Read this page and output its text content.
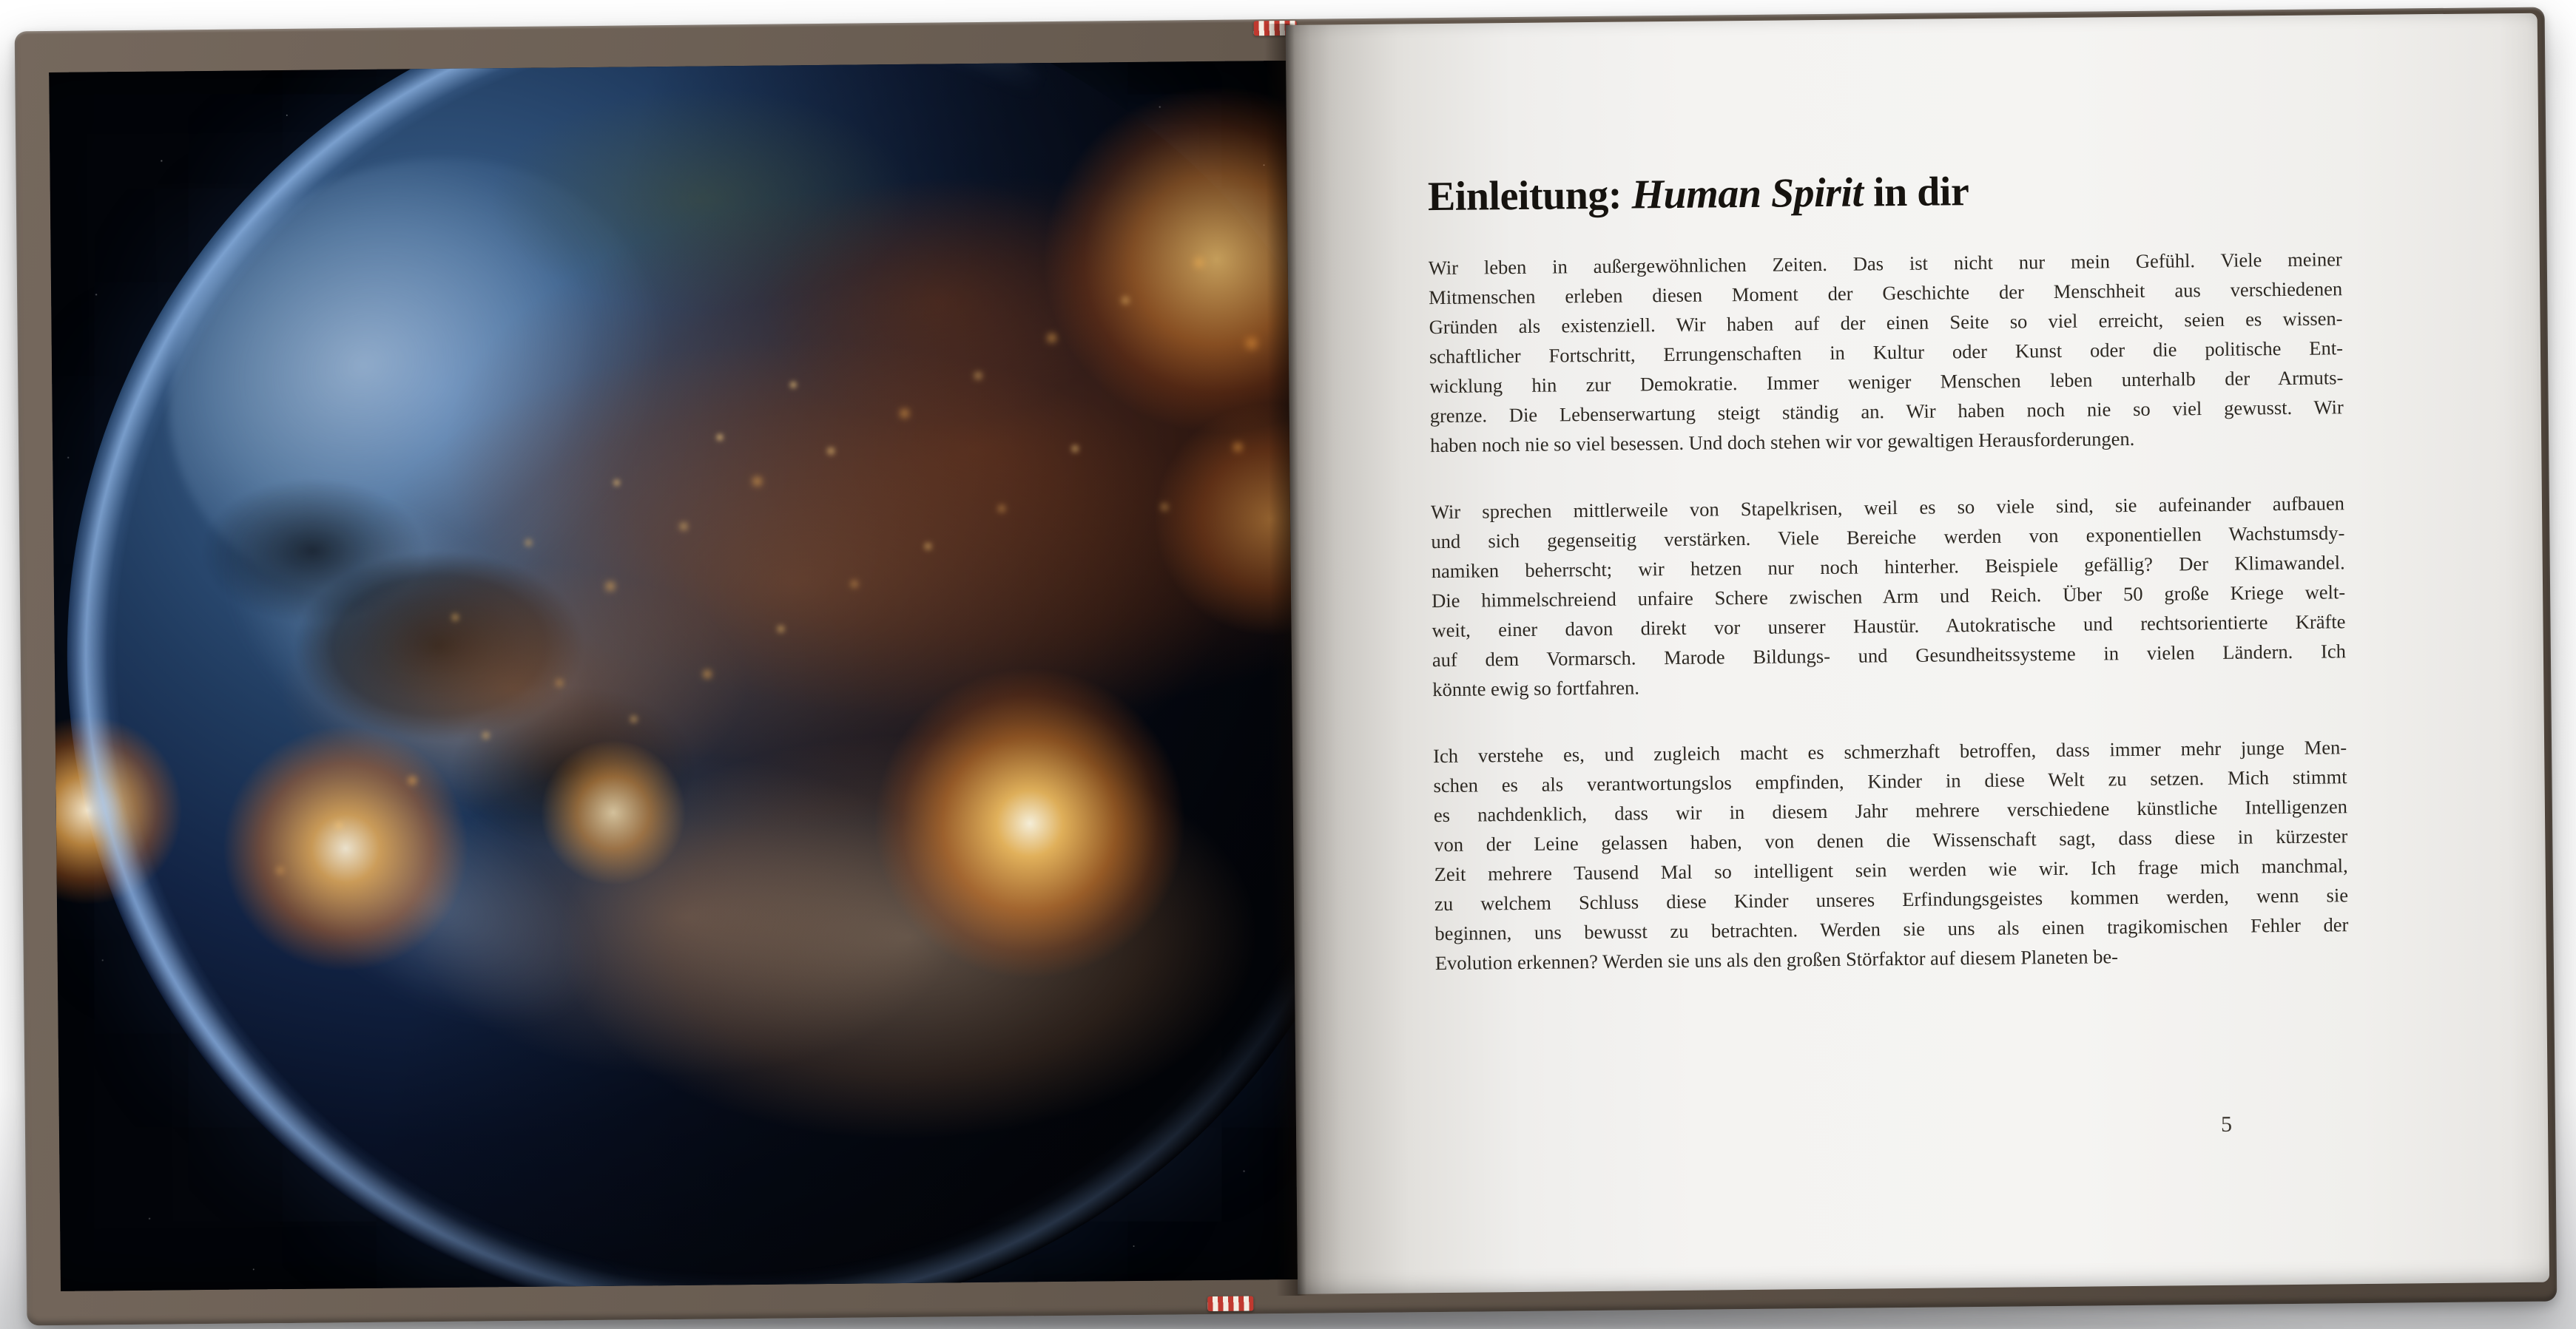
Einleitung: Human Spirit in dir
Wir leben in außergewöhnlichen Zeiten. Das ist nicht nur mein Gefühl. Viele meiner
Mitmenschen erleben diesen Moment der Geschichte der Menschheit aus verschiedenen
Gründen als existenziell. Wir haben auf der einen Seite so viel erreicht, seien es wissen-
schaftlicher Fortschritt, Errungenschaften in Kultur oder Kunst oder die politische Ent-
wicklung hin zur Demokratie. Immer weniger Menschen leben unterhalb der Armuts-
grenze. Die Lebenserwartung steigt ständig an. Wir haben noch nie so viel gewusst. Wir
haben noch nie so viel besessen. Und doch stehen wir vor gewaltigen Herausforderungen.
Wir sprechen mittlerweile von Stapelkrisen, weil es so viele sind, sie aufeinander aufbauen
und sich gegenseitig verstärken. Viele Bereiche werden von exponentiellen Wachstumsdy-
namiken beherrscht; wir hetzen nur noch hinterher. Beispiele gefällig? Der Klimawandel.
Die himmelschreiend unfaire Schere zwischen Arm und Reich. Über 50 große Kriege welt-
weit, einer davon direkt vor unserer Haustür. Autokratische und rechtsorientierte Kräfte
auf dem Vormarsch. Marode Bildungs- und Gesundheitssysteme in vielen Ländern. Ich
könnte ewig so fortfahren.
Ich verstehe es, und zugleich macht es schmerzhaft betroffen, dass immer mehr junge Men-
schen es als verantwortungslos empfinden, Kinder in diese Welt zu setzen. Mich stimmt
es nachdenklich, dass wir in diesem Jahr mehrere verschiedene künstliche Intelligenzen
von der Leine gelassen haben, von denen die Wissenschaft sagt, dass diese in kürzester
Zeit mehrere Tausend Mal so intelligent sein werden wie wir. Ich frage mich manchmal,
zu welchem Schluss diese Kinder unseres Erfindungsgeistes kommen werden, wenn sie
beginnen, uns bewusst zu betrachten. Werden sie uns als einen tragikomischen Fehler der
Evolution erkennen? Werden sie uns als den großen Störfaktor auf diesem Planeten be-
5
